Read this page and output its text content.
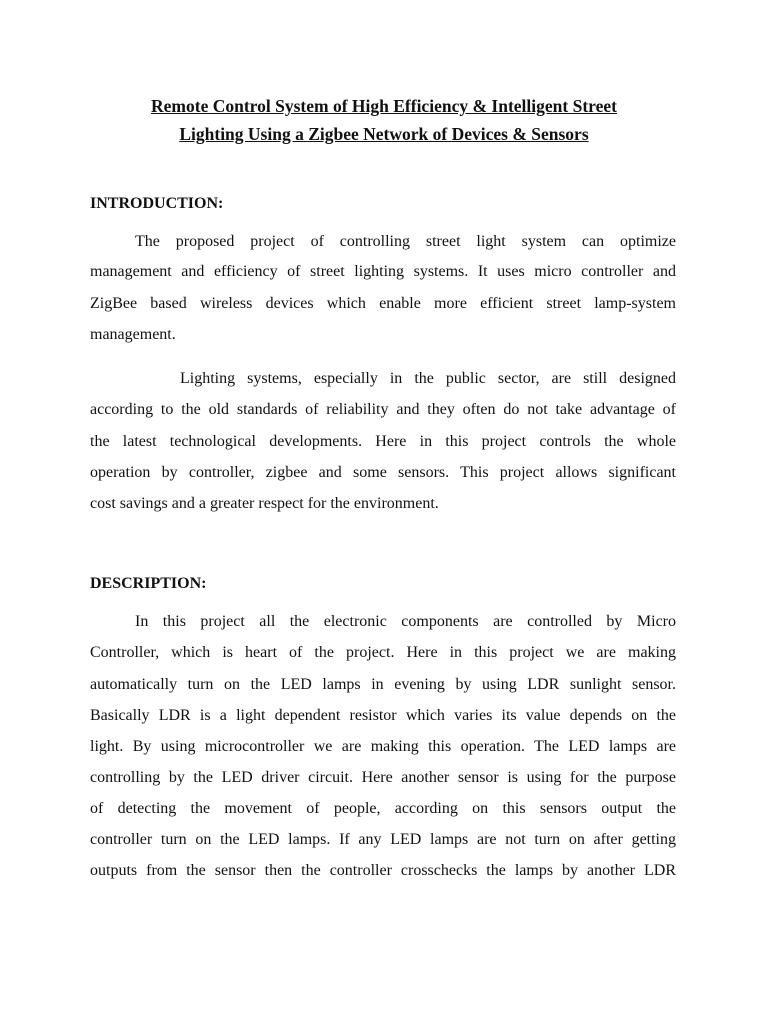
Remote Control System of High Efficiency & Intelligent Street
Lighting Using a Zigbee Network of Devices & Sensors
INTRODUCTION:
The proposed project of controlling street light system can optimize
management and efficiency of street lighting systems. It uses micro controller and
ZigBee based wireless devices which enable more efficient street lamp-system
management.
Lighting systems, especially in the public sector, are still designed
according to the old standards of reliability and they often do not take advantage of
the latest technological developments. Here in this project controls the whole
operation by controller, zigbee and some sensors. This project allows significant
cost savings and a greater respect for the environment.
DESCRIPTION:
In this project all the electronic components are controlled by Micro
Controller, which is heart of the project. Here in this project we are making
automatically turn on the LED lamps in evening by using LDR sunlight sensor.
Basically LDR is a light dependent resistor which varies its value depends on the
light. By using microcontroller we are making this operation. The LED lamps are
controlling by the LED driver circuit. Here another sensor is using for the purpose
of detecting the movement of people, according on this sensors output the
controller turn on the LED lamps. If any LED lamps are not turn on after getting
outputs from the sensor then the controller crosschecks the lamps by another LDR
